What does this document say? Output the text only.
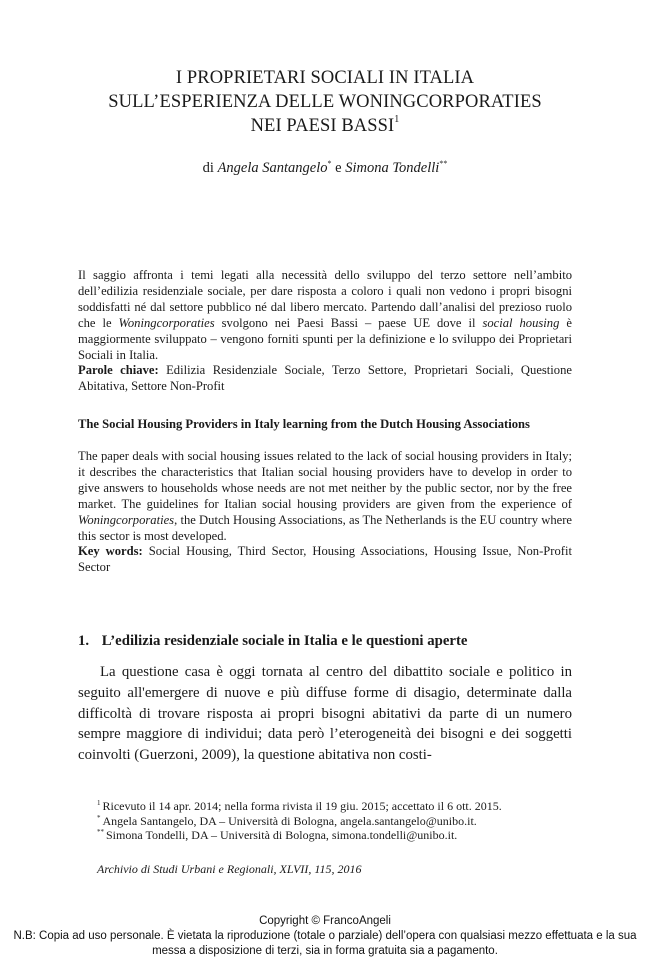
I PROPRIETARI SOCIALI IN ITALIA
SULL’ESPERIENZA DELLE WONINGCORPORATIES
NEI PAESI BASSI$^1$
di Angela Santangelo* e Simona Tondelli**
Il saggio affronta i temi legati alla necessità dello sviluppo del terzo settore nell’ambito dell’edilizia residenziale sociale, per dare risposta a coloro i quali non vedono i propri bisogni soddisfatti né dal settore pubblico né dal libero mercato. Partendo dall’analisi del prezioso ruolo che le Woningcorporaties svolgono nei Paesi Bassi – paese UE dove il social housing è maggiormente sviluppato – vengono forniti spunti per la definizione e lo sviluppo dei Proprietari Sociali in Italia.
Parole chiave: Edilizia Residenziale Sociale, Terzo Settore, Proprietari Sociali, Questione Abitativa, Settore Non-Profit
The Social Housing Providers in Italy learning from the Dutch Housing Associations
The paper deals with social housing issues related to the lack of social housing providers in Italy; it describes the characteristics that Italian social housing providers have to develop in order to give answers to households whose needs are not met neither by the public sector, nor by the free market. The guidelines for Italian social housing providers are given from the experience of Woningcorporaties, the Dutch Housing Associations, as The Netherlands is the EU country where this sector is most developed.
Key words: Social Housing, Third Sector, Housing Associations, Housing Issue, Non-Profit Sector
1. L’edilizia residenziale sociale in Italia e le questioni aperte
La questione casa è oggi tornata al centro del dibattito sociale e politico in seguito all'emergere di nuove e più diffuse forme di disagio, determinate dalla difficoltà di trovare risposta ai propri bisogni abitativi da parte di un numero sempre maggiore di individui; data però l’eterogeneità dei bisogni e dei soggetti coinvolti (Guerzoni, 2009), la questione abitativa non costi-
$^1$ Ricevuto il 14 apr. 2014; nella forma rivista il 19 giu. 2015; accettato il 6 ott. 2015.
* Angela Santangelo, DA – Università di Bologna, angela.santangelo@unibo.it.
** Simona Tondelli, DA – Università di Bologna, simona.tondelli@unibo.it.
Archivio di Studi Urbani e Regionali, XLVII, 115, 2016
Copyright © FrancoAngeli
N.B: Copia ad uso personale. È vietata la riproduzione (totale o parziale) dell’opera con qualsiasi mezzo effettuata e la sua messa a disposizione di terzi, sia in forma gratuita sia a pagamento.
